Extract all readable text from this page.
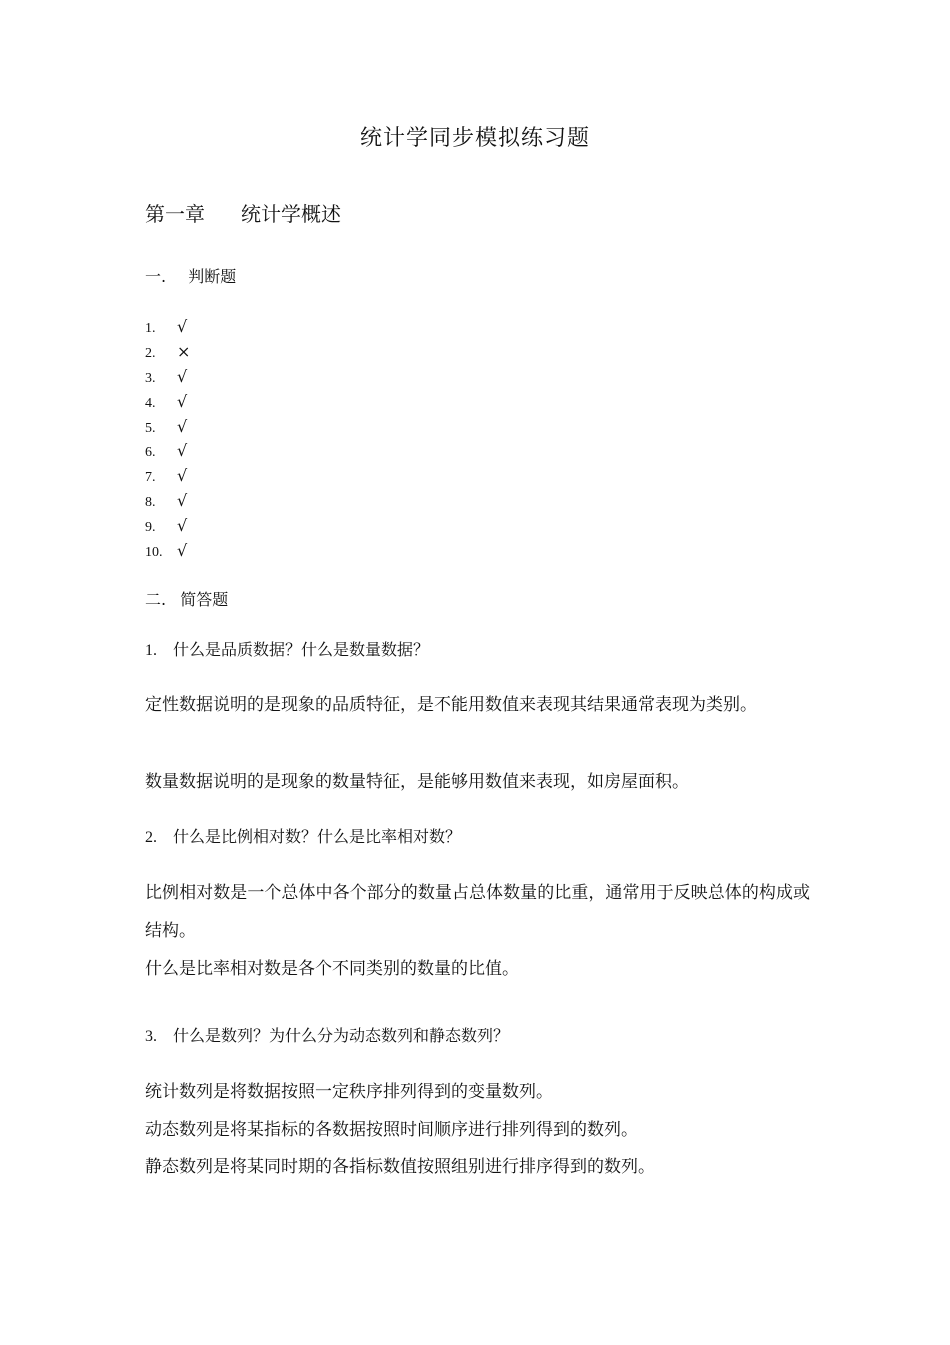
统计学同步模拟练习题
第一章 统计学概述
一. 判断题
1. √
2. ×
3. √
4. √
5. √
6. √
7. √
8. √
9. √
10. √
二. 简答题
1. 什么是品质数据？什么是数量数据？

定性数据说明的是现象的品质特征，是不能用数值来表现其结果通常表现为类别。

数量数据说明的是现象的数量特征，是能够用数值来表现，如房屋面积。

2. 什么是比例相对数？什么是比率相对数？

比例相对数是一个总体中各个部分的数量占总体数量的比重，通常用于反映总体的构成或结构。

什么是比率相对数是各个不同类别的数量的比值。

3. 什么是数列？为什么分为动态数列和静态数列？

统计数列是将数据按照一定秩序排列得到的变量数列。

动态数列是将某指标的各数据按照时间顺序进行排列得到的数列。

静态数列是将某同时期的各指标数值按照组别进行排序得到的数列。
